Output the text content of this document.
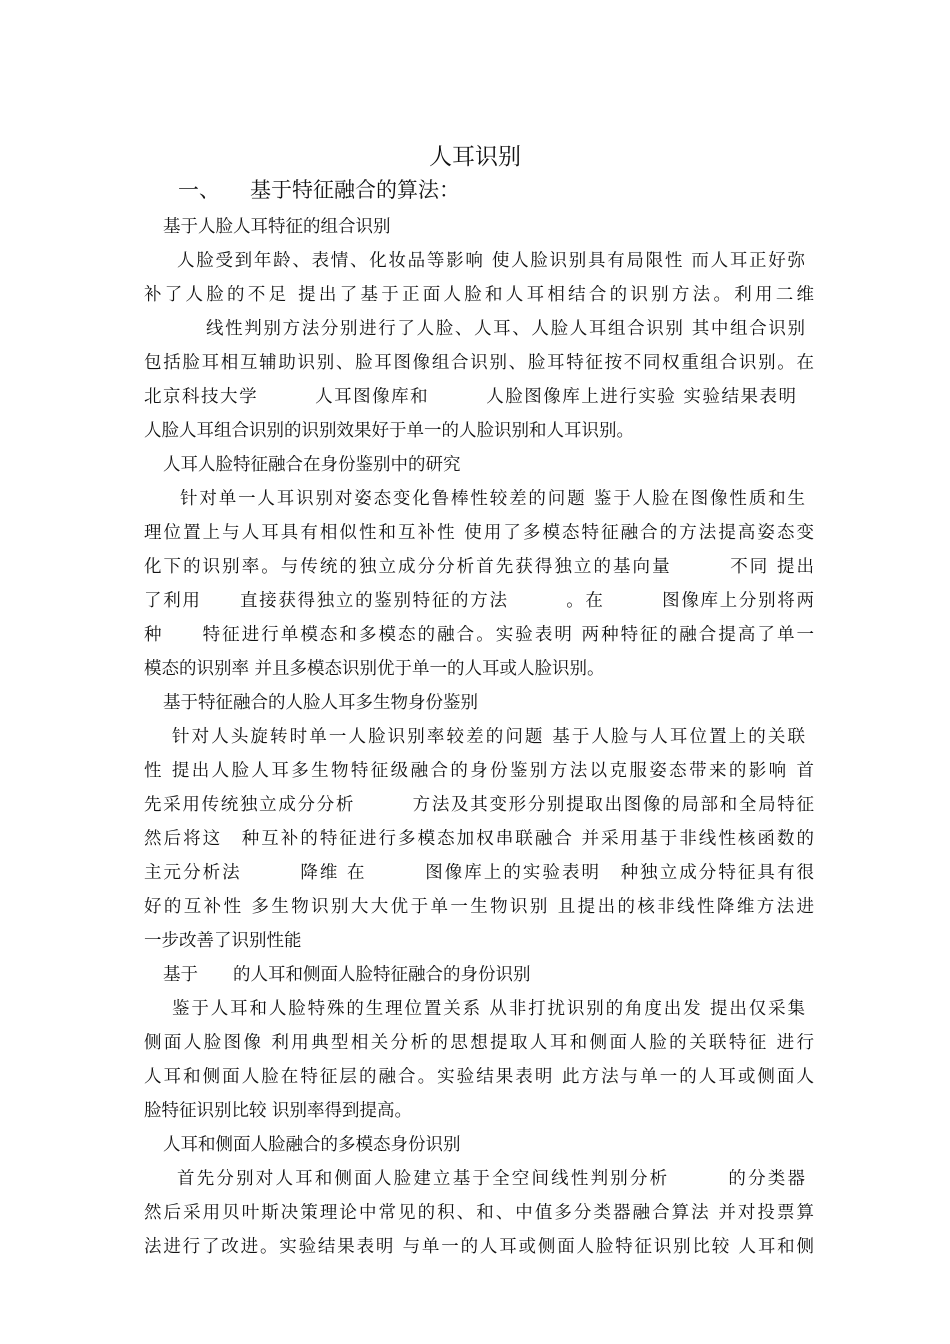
人耳识别
一、 基于特征融合的算法：
基于人脸人耳特征的组合识别
人脸受到年龄、表情、化妆品等影响 使人脸识别具有局限性 而人耳正好弥
补了人脸的不足 提出了基于正面人脸和人耳相结合的识别方法。利用二维
线性判别方法分别进行了人脸、人耳、人脸人耳组合识别 其中组合识别
包括脸耳相互辅助识别、脸耳图像组合识别、脸耳特征按不同权重组合识别。在
北京科技大学　　　人耳图像库和　　　人脸图像库上进行实验 实验结果表明
人脸人耳组合识别的识别效果好于单一的人脸识别和人耳识别。
人耳人脸特征融合在身份鉴别中的研究
针对单一人耳识别对姿态变化鲁棒性较差的问题 鉴于人脸在图像性质和生
理位置上与人耳具有相似性和互补性 使用了多模态特征融合的方法提高姿态变
化下的识别率。与传统的独立成分分析首先获得独立的基向量　　　不同 提出
了利用　　直接获得独立的鉴别特征的方法　　　。在　　　图像库上分别将两
种　　特征进行单模态和多模态的融合。实验表明 两种特征的融合提高了单一
模态的识别率 并且多模态识别优于单一的人耳或人脸识别。
基于特征融合的人脸人耳多生物身份鉴别
针对人头旋转时单一人脸识别率较差的问题 基于人脸与人耳位置上的关联
性 提出人脸人耳多生物特征级融合的身份鉴别方法以克服姿态带来的影响 首
先采用传统独立成分分析　　　方法及其变形分别提取出图像的局部和全局特征
然后将这　种互补的特征进行多模态加权串联融合 并采用基于非线性核函数的
主元分析法　　　降维 在　　　图像库上的实验表明　种独立成分特征具有很
好的互补性 多生物识别大大优于单一生物识别 且提出的核非线性降维方法进
一步改善了识别性能
基于　　的人耳和侧面人脸特征融合的身份识别
鉴于人耳和人脸特殊的生理位置关系 从非打扰识别的角度出发 提出仅采集
侧面人脸图像 利用典型相关分析的思想提取人耳和侧面人脸的关联特征 进行
人耳和侧面人脸在特征层的融合。实验结果表明 此方法与单一的人耳或侧面人
脸特征识别比较 识别率得到提高。
人耳和侧面人脸融合的多模态身份识别
首先分别对人耳和侧面人脸建立基于全空间线性判别分析　　　的分类器
然后采用贝叶斯决策理论中常见的积、和、中值多分类器融合算法 并对投票算
法进行了改进。实验结果表明 与单一的人耳或侧面人脸特征识别比较 人耳和侧
